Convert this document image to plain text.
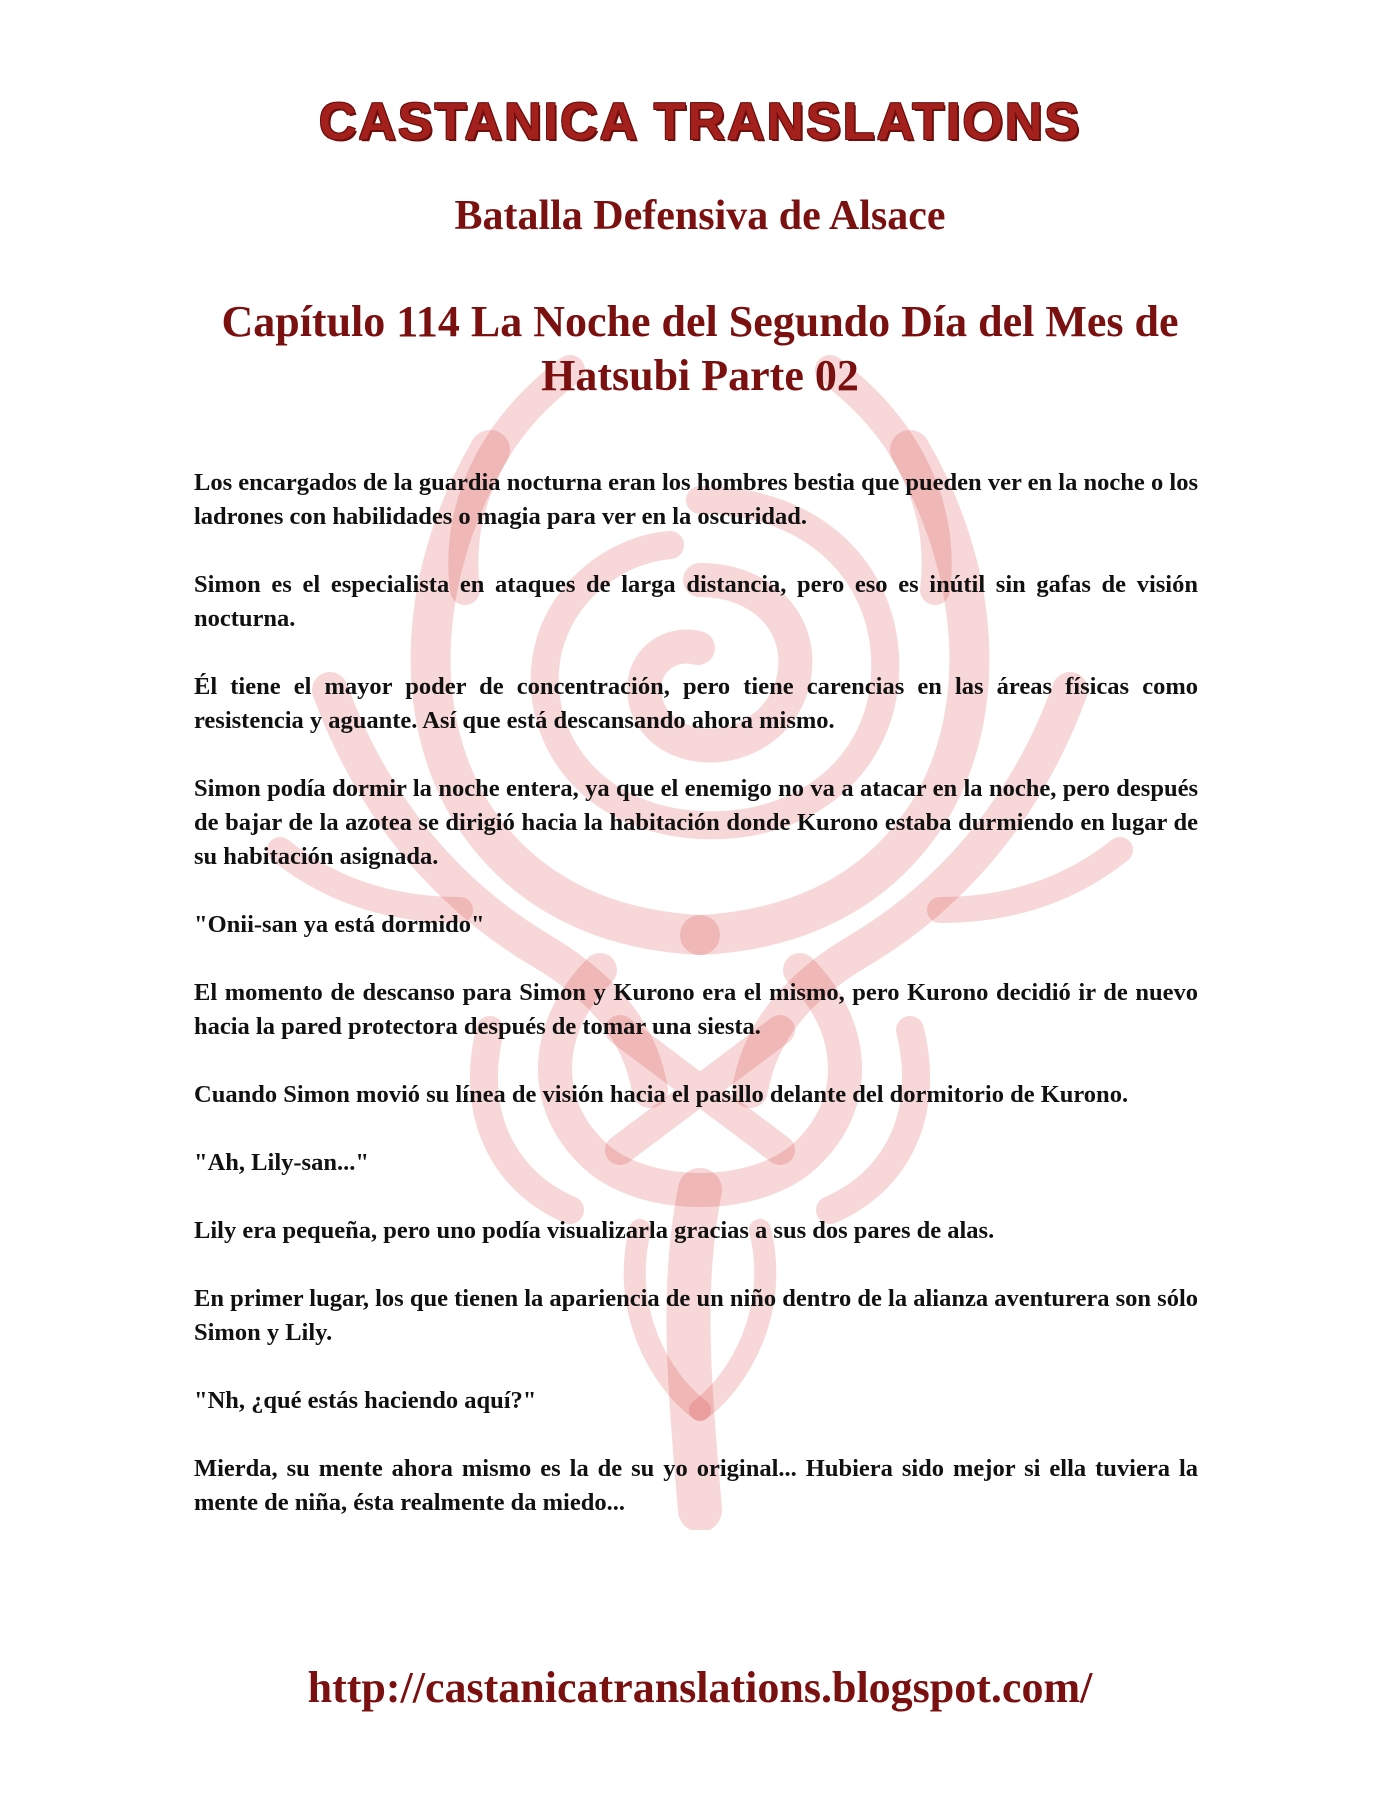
CASTANICA TRANSLATIONS
Batalla Defensiva de Alsace
Capítulo 114 La Noche del Segundo Día del Mes de Hatsubi Parte 02

Los encargados de la guardia nocturna eran los hombres bestia que pueden ver en la noche o los ladrones con habilidades o magia para ver en la oscuridad.

Simon es el especialista en ataques de larga distancia, pero eso es inútil sin gafas de visión nocturna.

Él tiene el mayor poder de concentración, pero tiene carencias en las áreas físicas como resistencia y aguante. Así que está descansando ahora mismo.

Simon podía dormir la noche entera, ya que el enemigo no va a atacar en la noche, pero después de bajar de la azotea se dirigió hacia la habitación donde Kurono estaba durmiendo en lugar de su habitación asignada.

"Onii-san ya está dormido"

El momento de descanso para Simon y Kurono era el mismo, pero Kurono decidió ir de nuevo hacia la pared protectora después de tomar una siesta.

Cuando Simon movió su línea de visión hacia el pasillo delante del dormitorio de Kurono.

"Ah, Lily-san..."

Lily era pequeña, pero uno podía visualizarla gracias a sus dos pares de alas.

En primer lugar, los que tienen la apariencia de un niño dentro de la alianza aventurera son sólo Simon y Lily.

"Nh, ¿qué estás haciendo aquí?"

Mierda, su mente ahora mismo es la de su yo original... Hubiera sido mejor si ella tuviera la mente de niña, ésta realmente da miedo...

http://castanicatranslations.blogspot.com/
